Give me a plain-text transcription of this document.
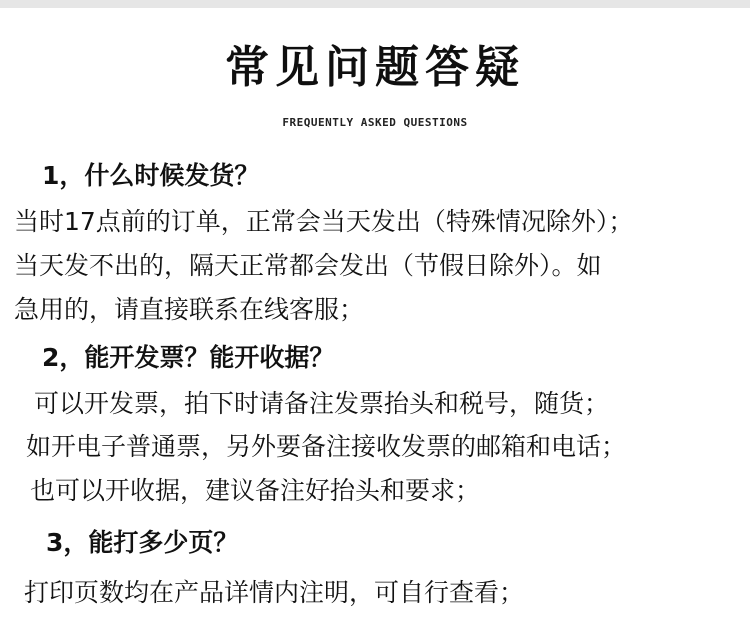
常见问题答疑
FREQUENTLY ASKED QUESTIONS
1，什么时候发货？
当时17点前的订单，正常会当天发出（特殊情况除外）；
当天发不出的，隔天正常都会发出（节假日除外）。如
急用的，请直接联系在线客服；
2，能开发票？能开收据？
可以开发票，拍下时请备注发票抬头和税号，随货；
如开电子普通票，另外要备注接收发票的邮箱和电话；
也可以开收据，建议备注好抬头和要求；
3，能打多少页？
打印页数均在产品详情内注明，可自行查看；
